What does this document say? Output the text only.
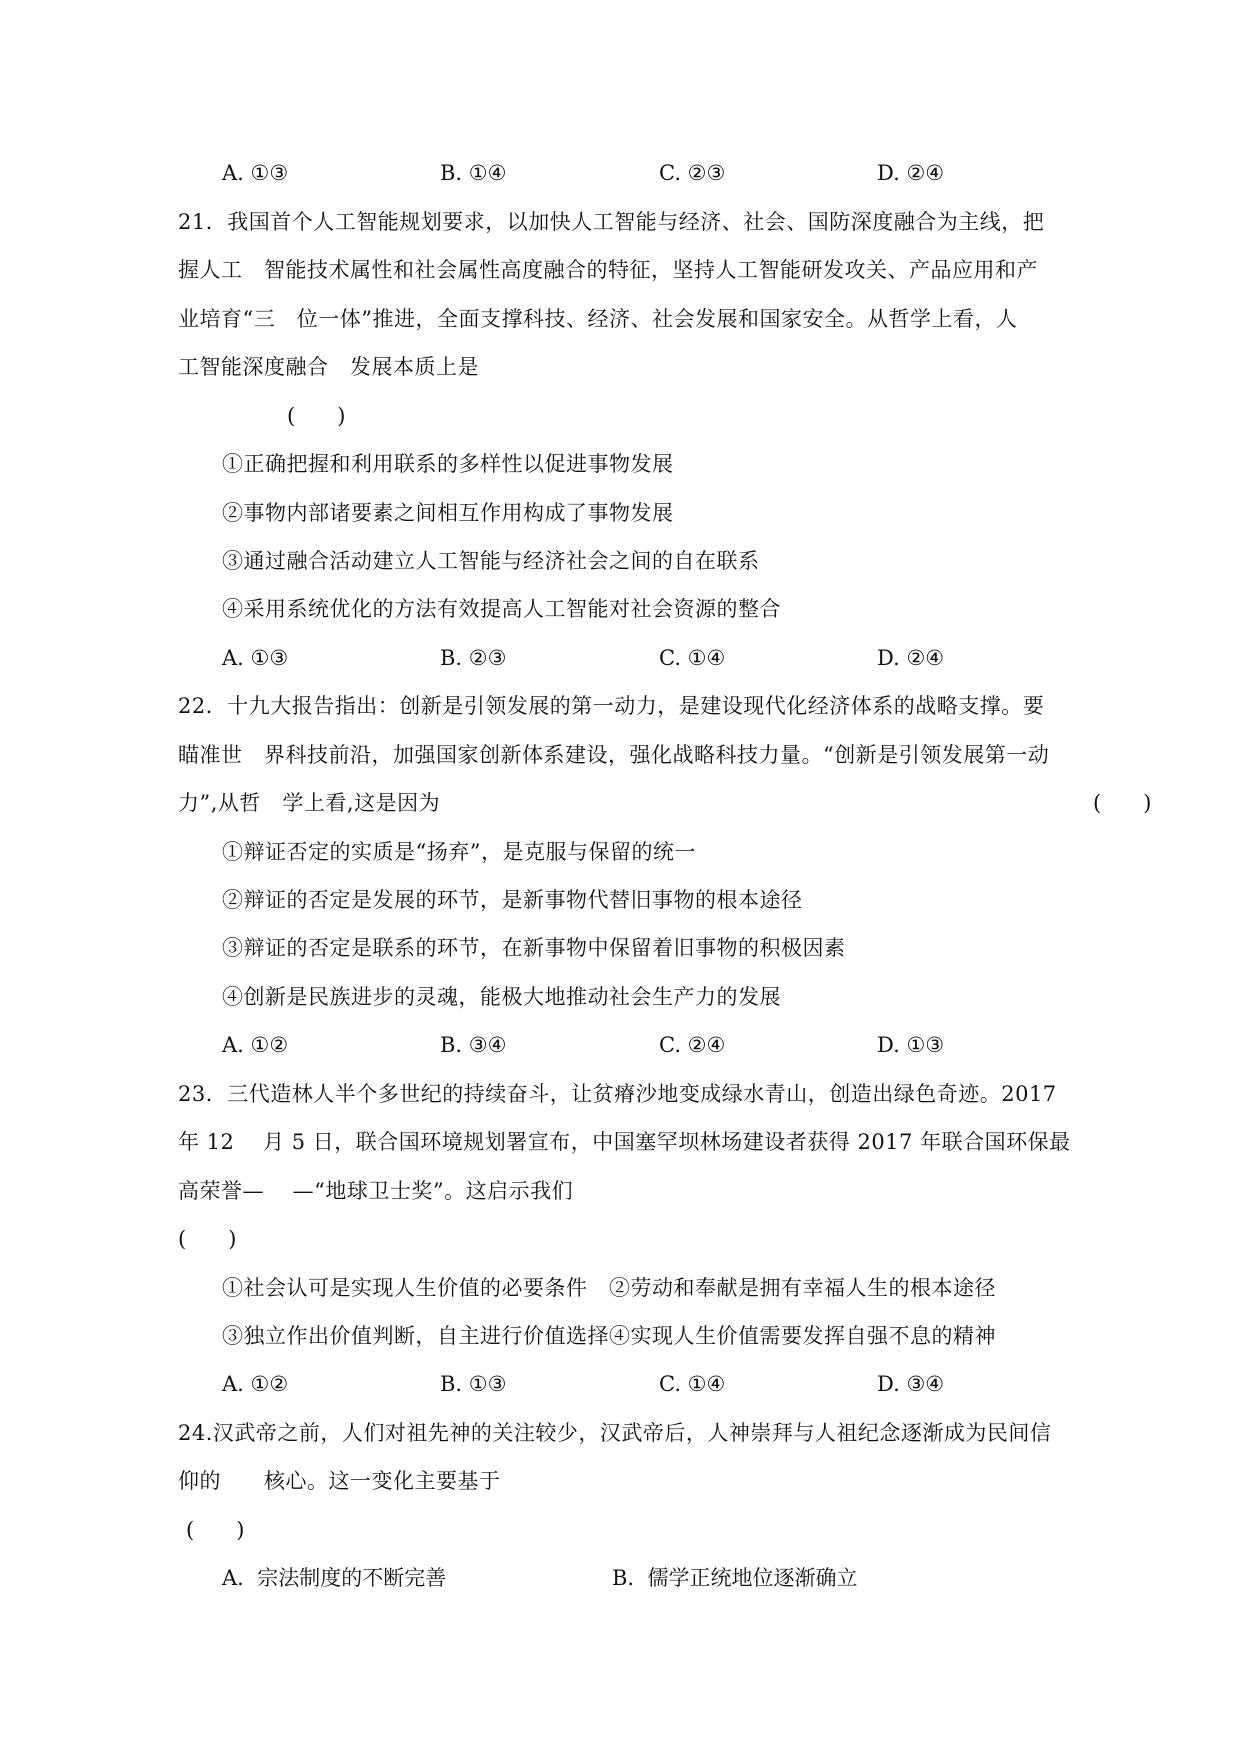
A. ①③	B. ①④	C. ②③	D. ②④
21．我国首个人工智能规划要求，以加快人工智能与经济、社会、国防深度融合为主线，把
握人工　智能技术属性和社会属性高度融合的特征，坚持人工智能研发攻关、产品应用和产
业培育“三　位一体”推进，全面支撑科技、经济、社会发展和国家安全。从哲学上看，人
工智能深度融合　发展本质上是
(　　)
①正确把握和利用联系的多样性以促进事物发展
②事物内部诸要素之间相互作用构成了事物发展
③通过融合活动建立人工智能与经济社会之间的自在联系
④采用系统优化的方法有效提高人工智能对社会资源的整合
A. ①③	B. ②③	C. ①④	D. ②④
22．十九大报告指出：创新是引领发展的第一动力，是建设现代化经济体系的战略支撑。要
瞄准世　界科技前沿，加强国家创新体系建设，强化战略科技力量。“创新是引领发展第一动
力”,从哲　学上看,这是因为	(　　)
①辩证否定的实质是“扬弃”，是克服与保留的统一
②辩证的否定是发展的环节，是新事物代替旧事物的根本途径
③辩证的否定是联系的环节，在新事物中保留着旧事物的积极因素
④创新是民族进步的灵魂，能极大地推动社会生产力的发展
A. ①②	B. ③④	C. ②④	D. ①③
23．三代造林人半个多世纪的持续奋斗，让贫瘠沙地变成绿水青山，创造出绿色奇迹。2017
年 12　 月 5 日，联合国环境规划署宣布，中国塞罕坝林场建设者获得 2017 年联合国环保最
高荣誉—　 —“地球卫士奖”。这启示我们
(　　)
①社会认可是实现人生价值的必要条件　②劳动和奉献是拥有幸福人生的根本途径
③独立作出价值判断，自主进行价值选择④实现人生价值需要发挥自强不息的精神
A. ①②	B. ①③	C. ①④	D. ③④
24.汉武帝之前，人们对祖先神的关注较少，汉武帝后，人神崇拜与人祖纪念逐渐成为民间信
仰的　　核心。这一变化主要基于
(　　)
A.  宗法制度的不断完善	B.  儒学正统地位逐渐确立
